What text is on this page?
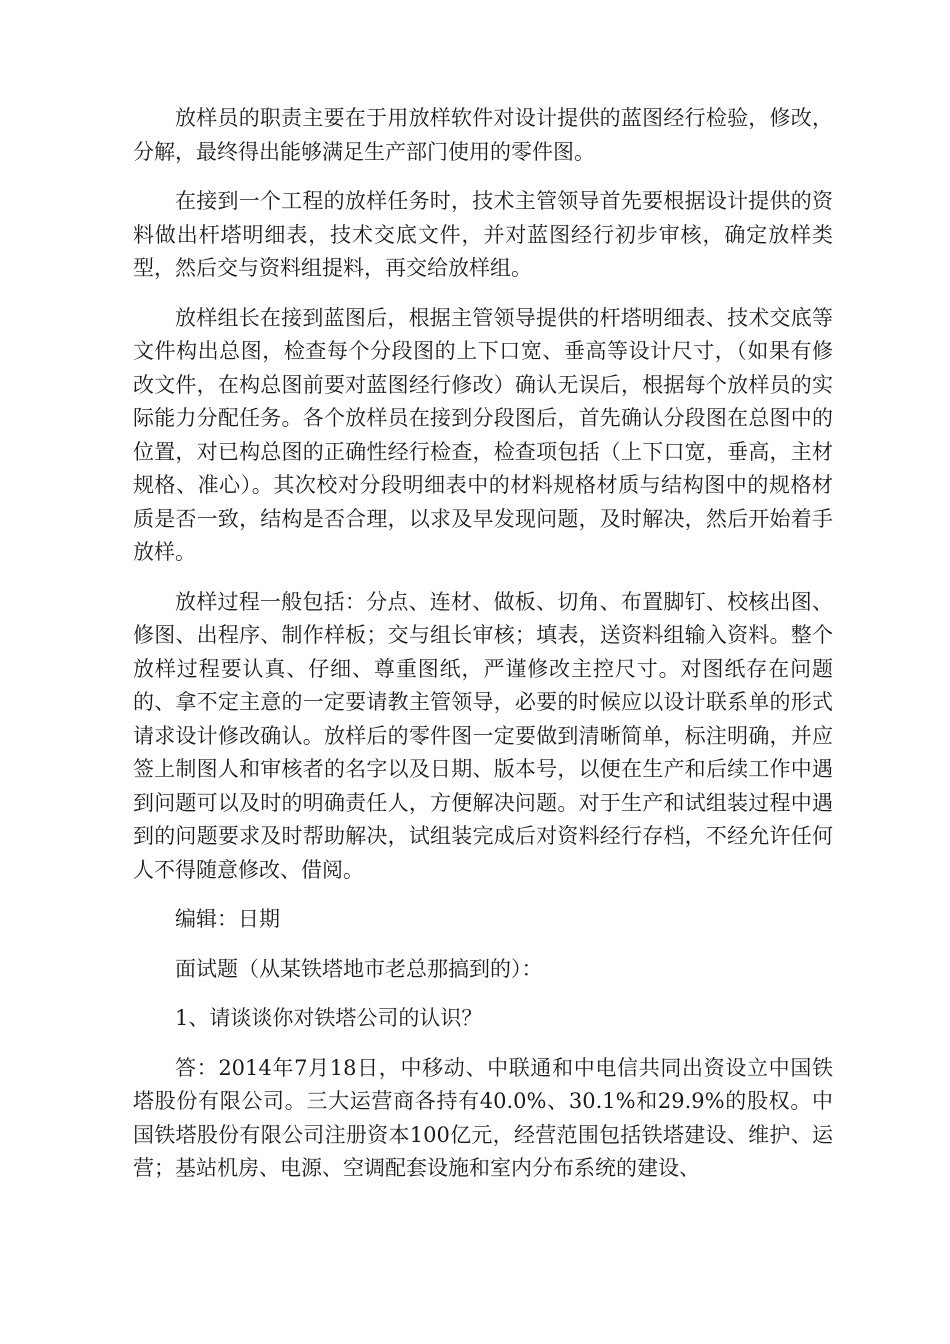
放样员的职责主要在于用放样软件对设计提供的蓝图经行检验，修改，分解，最终得出能够满足生产部门使用的零件图。

在接到一个工程的放样任务时，技术主管领导首先要根据设计提供的资料做出杆塔明细表，技术交底文件，并对蓝图经行初步审核，确定放样类型，然后交与资料组提料，再交给放样组。

放样组长在接到蓝图后，根据主管领导提供的杆塔明细表、技术交底等文件构出总图，检查每个分段图的上下口宽、垂高等设计尺寸，（如果有修改文件，在构总图前要对蓝图经行修改）确认无误后，根据每个放样员的实际能力分配任务。各个放样员在接到分段图后，首先确认分段图在总图中的位置，对已构总图的正确性经行检查，检查项包括（上下口宽，垂高，主材规格、准心）。其次校对分段明细表中的材料规格材质与结构图中的规格材质是否一致，结构是否合理，以求及早发现问题，及时解决，然后开始着手放样。

放样过程一般包括：分点、连材、做板、切角、布置脚钉、校核出图、修图、出程序、制作样板；交与组长审核；填表，送资料组输入资料。整个放样过程要认真、仔细、尊重图纸，严谨修改主控尺寸。对图纸存在问题的、拿不定主意的一定要请教主管领导，必要的时候应以设计联系单的形式请求设计修改确认。放样后的零件图一定要做到清晰简单，标注明确，并应签上制图人和审核者的名字以及日期、版本号，以便在生产和后续工作中遇到问题可以及时的明确责任人，方便解决问题。对于生产和试组装过程中遇到的问题要求及时帮助解决，试组装完成后对资料经行存档，不经允许任何人不得随意修改、借阅。

编辑：日期

面试题（从某铁塔地市老总那搞到的）：

1、请谈谈你对铁塔公司的认识？

答：2014年7月18日，中移动、中联通和中电信共同出资设立中国铁塔股份有限公司。三大运营商各持有40.0%、30.1%和29.9%的股权。中国铁塔股份有限公司注册资本100亿元，经营范围包括铁塔建设、维护、运营；基站机房、电源、空调配套设施和室内分布系统的建设、
